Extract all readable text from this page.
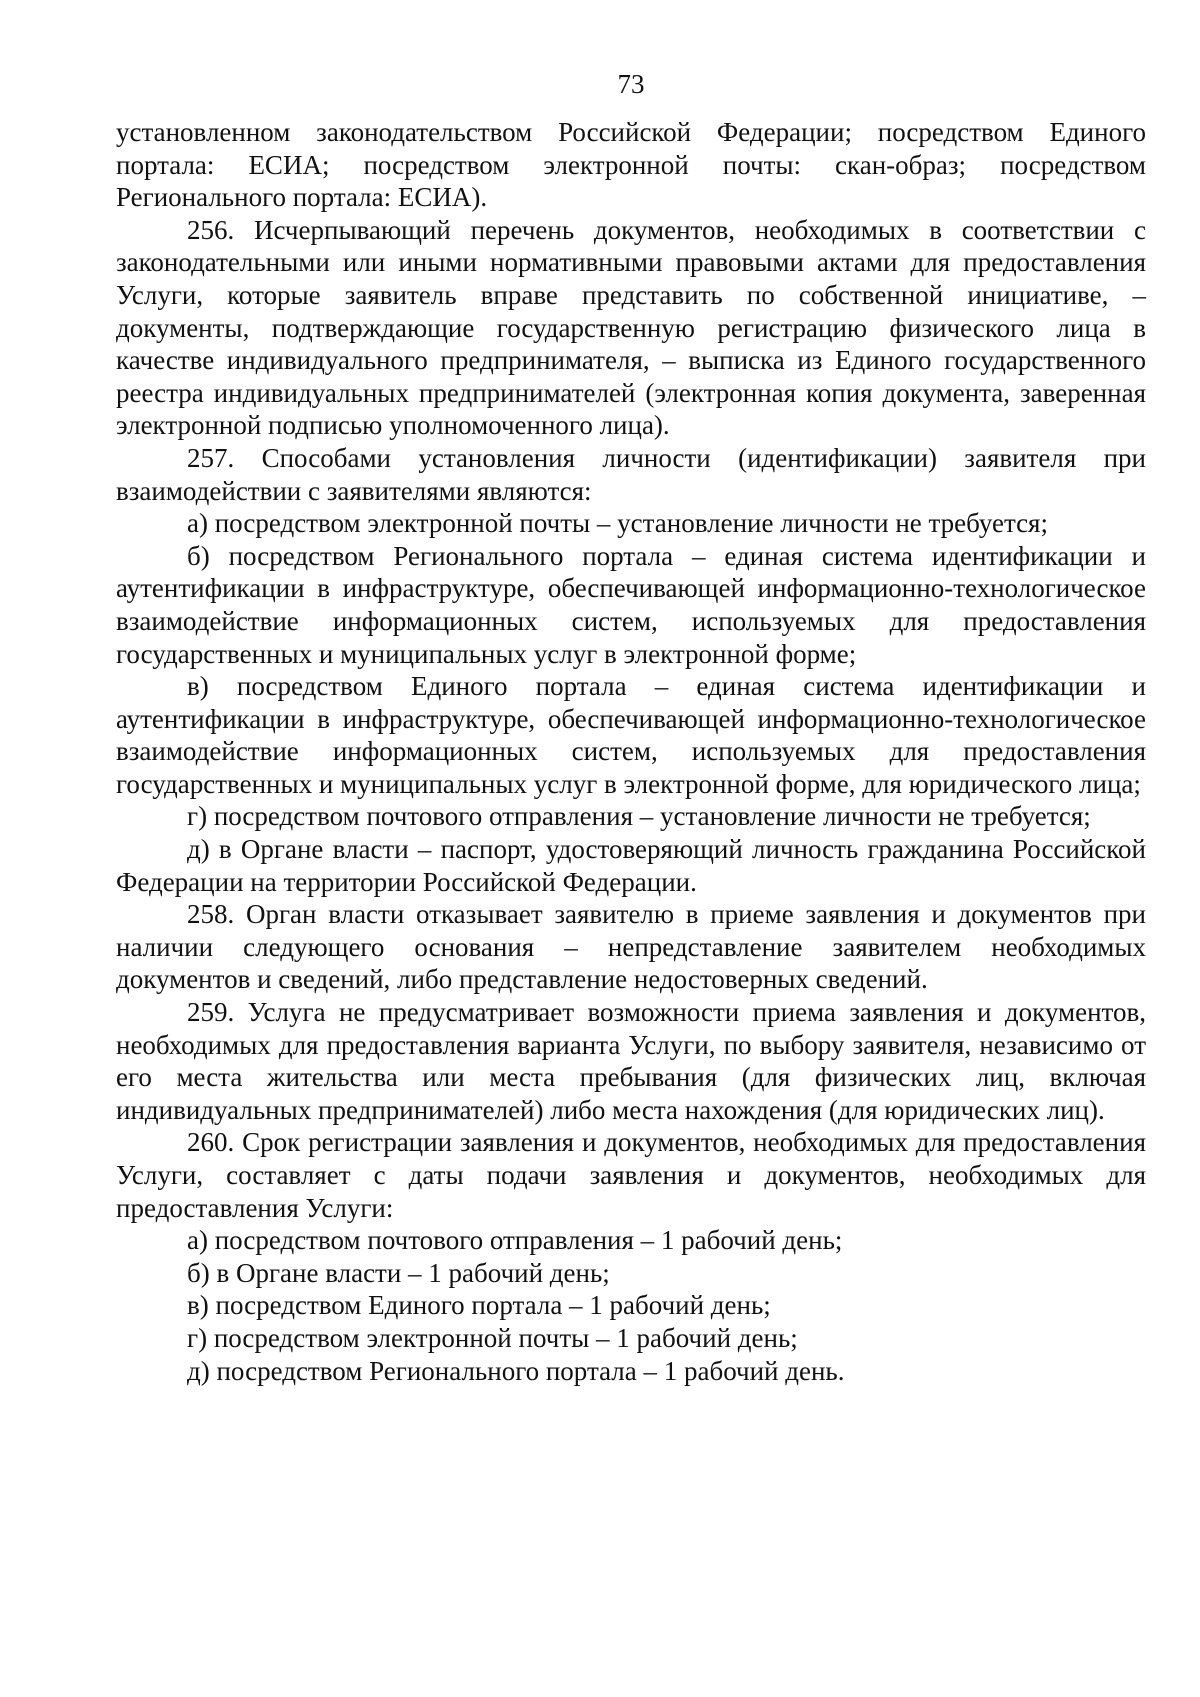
73

установленном законодательством Российской Федерации; посредством Единого портала: ЕСИА; посредством электронной почты: скан-образ; посредством Регионального портала: ЕСИА).

256. Исчерпывающий перечень документов, необходимых в соответствии с законодательными или иными нормативными правовыми актами для предоставления Услуги, которые заявитель вправе представить по собственной инициативе, – документы, подтверждающие государственную регистрацию физического лица в качестве индивидуального предпринимателя, – выписка из Единого государственного реестра индивидуальных предпринимателей (электронная копия документа, заверенная электронной подписью уполномоченного лица).

257. Способами установления личности (идентификации) заявителя при взаимодействии с заявителями являются:

а) посредством электронной почты – установление личности не требуется;

б) посредством Регионального портала – единая система идентификации и аутентификации в инфраструктуре, обеспечивающей информационно-технологическое взаимодействие информационных систем, используемых для предоставления государственных и муниципальных услуг в электронной форме;

в) посредством Единого портала – единая система идентификации и аутентификации в инфраструктуре, обеспечивающей информационно-технологическое взаимодействие информационных систем, используемых для предоставления государственных и муниципальных услуг в электронной форме, для юридического лица;

г) посредством почтового отправления – установление личности не требуется;

д) в Органе власти – паспорт, удостоверяющий личность гражданина Российской Федерации на территории Российской Федерации.

258. Орган власти отказывает заявителю в приеме заявления и документов при наличии следующего основания – непредставление заявителем необходимых документов и сведений, либо представление недостоверных сведений.

259. Услуга не предусматривает возможности приема заявления и документов, необходимых для предоставления варианта Услуги, по выбору заявителя, независимо от его места жительства или места пребывания (для физических лиц, включая индивидуальных предпринимателей) либо места нахождения (для юридических лиц).

260. Срок регистрации заявления и документов, необходимых для предоставления Услуги, составляет с даты подачи заявления и документов, необходимых для предоставления Услуги:

а) посредством почтового отправления – 1 рабочий день;

б) в Органе власти – 1 рабочий день;

в) посредством Единого портала – 1 рабочий день;

г) посредством электронной почты – 1 рабочий день;

д) посредством Регионального портала – 1 рабочий день.
